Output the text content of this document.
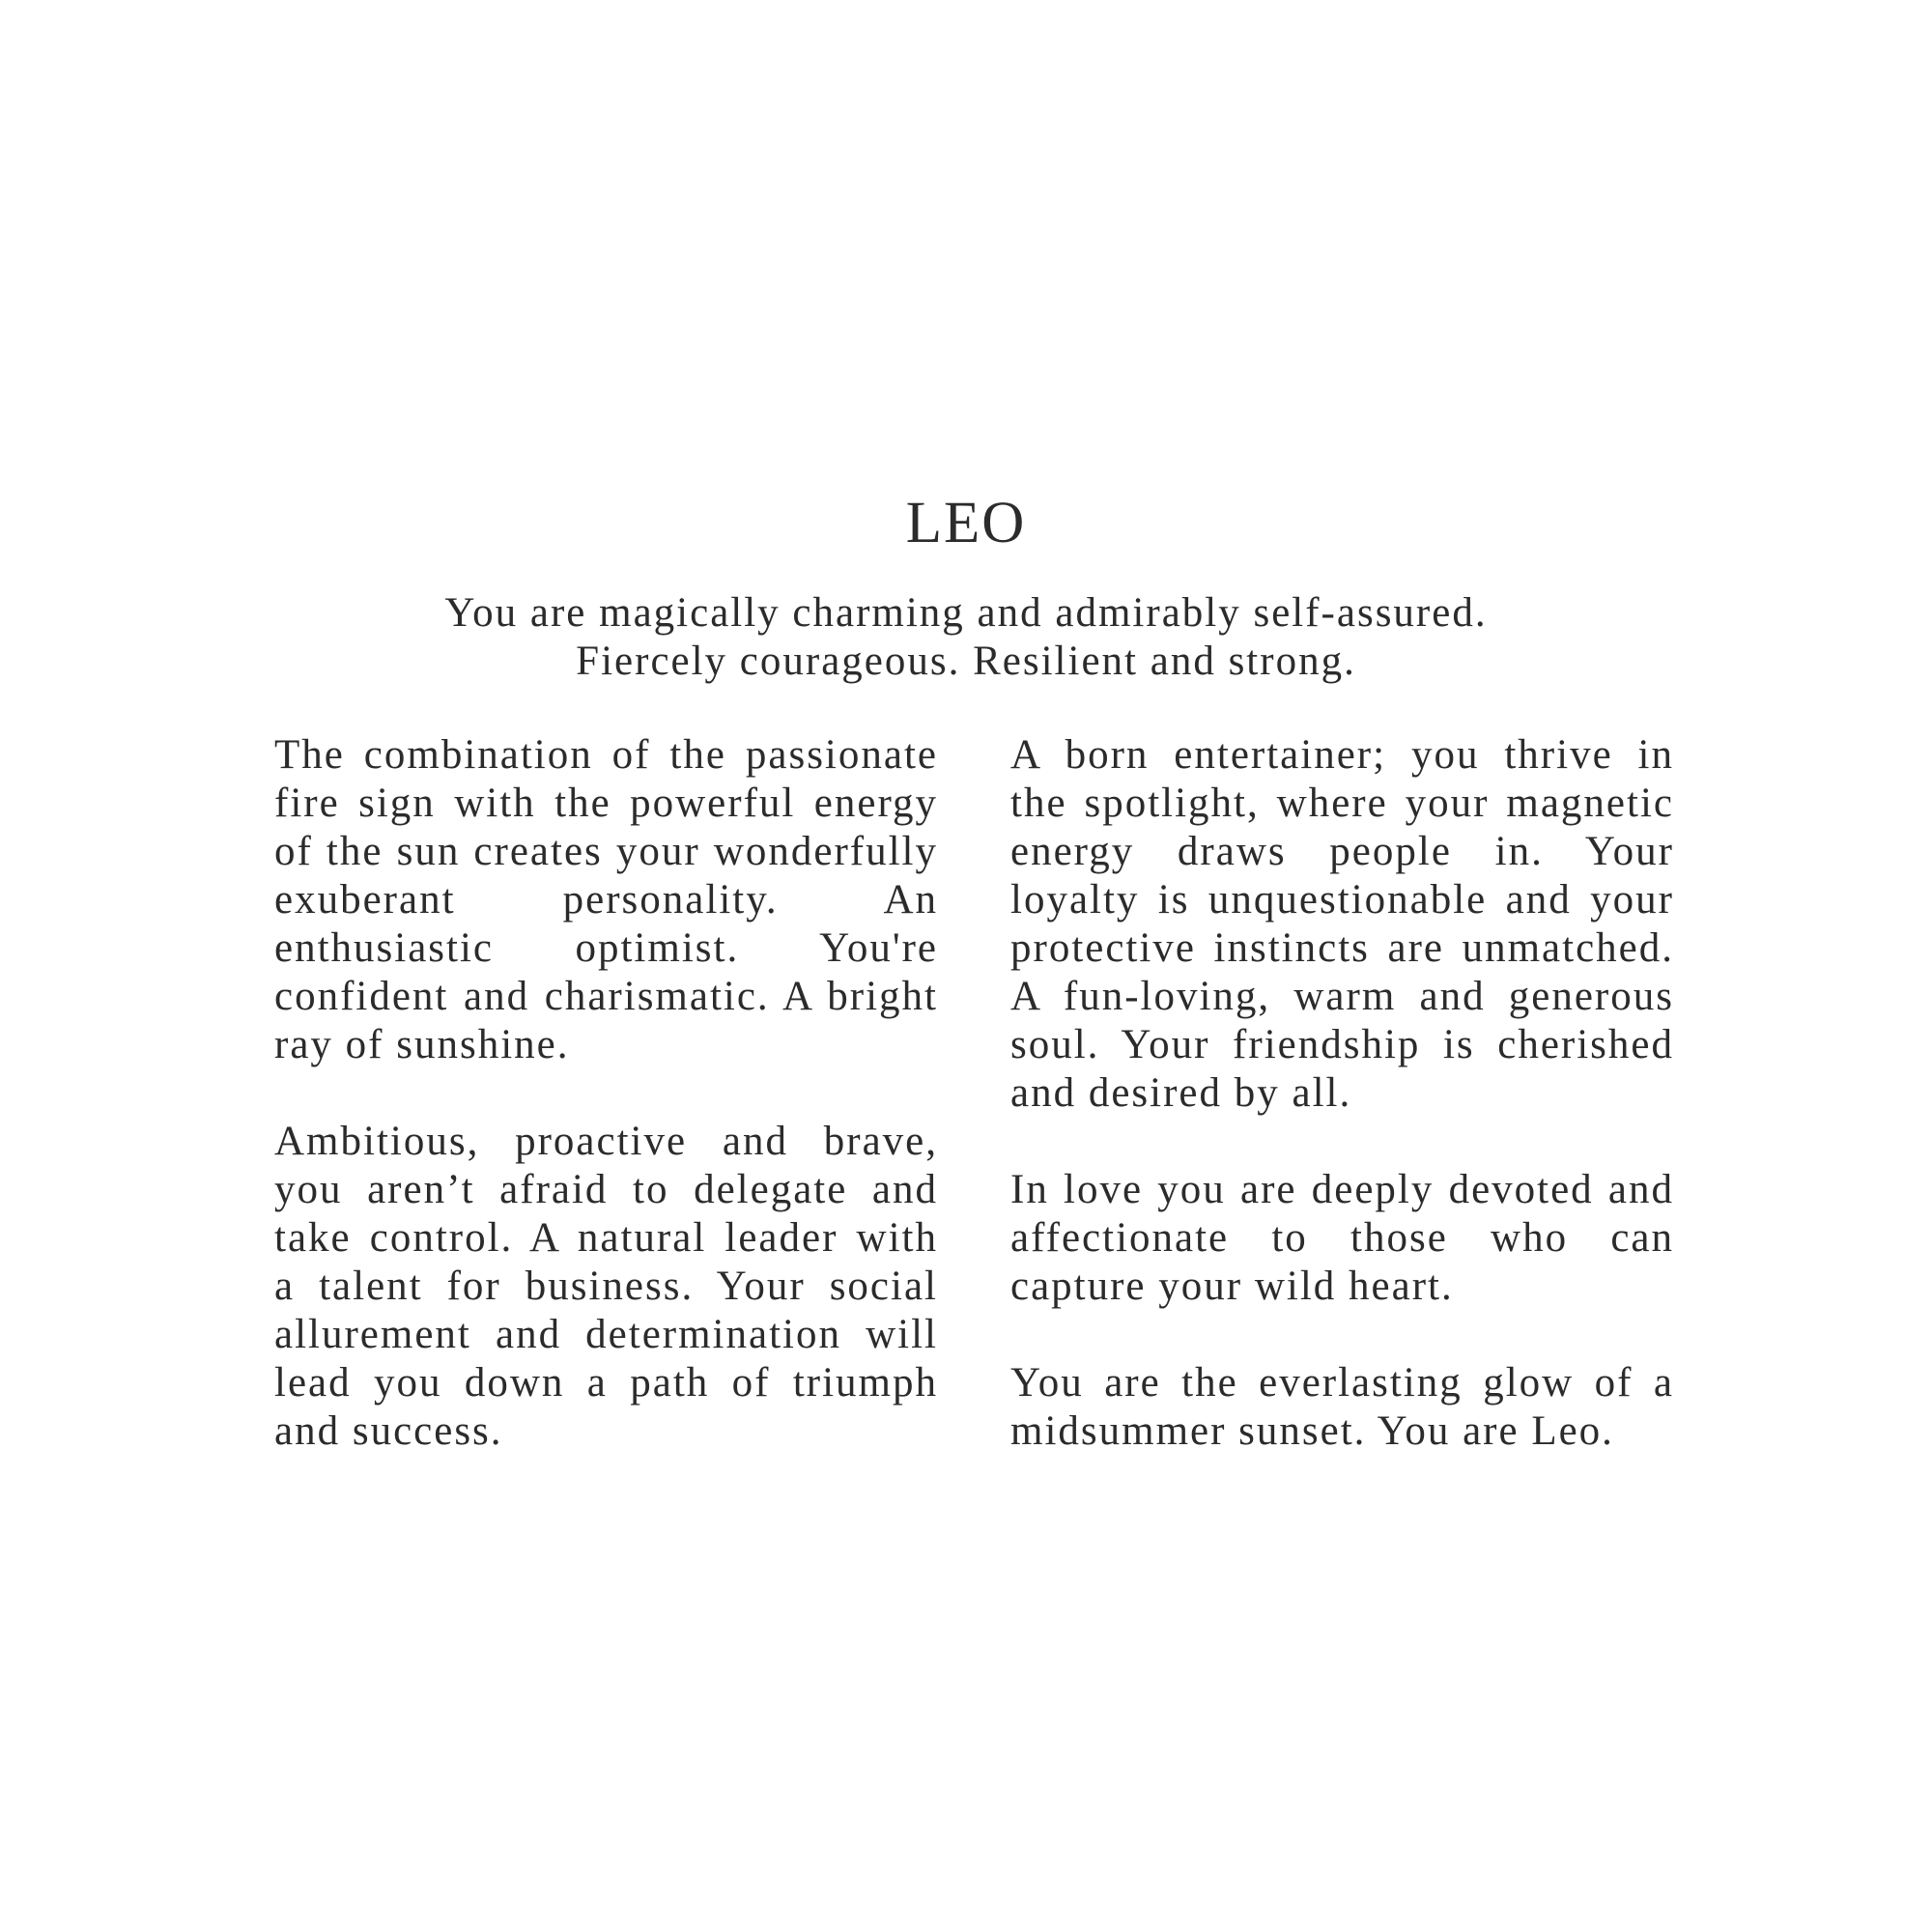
LEO
You are magically charming and admirably self-assured.
Fiercely courageous. Resilient and strong.

The combination of the passionate fire sign with the powerful energy of the sun creates your wonderfully exuberant personality. An enthusiastic optimist. You're confident and charismatic. A bright ray of sunshine.

Ambitious, proactive and brave, you aren’t afraid to delegate and take control. A natural leader with a talent for business. Your social allurement and determination will lead you down a path of triumph and success.

A born entertainer; you thrive in the spotlight, where your magnetic energy draws people in. Your loyalty is unquestionable and your protective instincts are unmatched. A fun-loving, warm and generous soul. Your friendship is cherished and desired by all.

In love you are deeply devoted and affectionate to those who can capture your wild heart.

You are the everlasting glow of a midsummer sunset. You are Leo.
